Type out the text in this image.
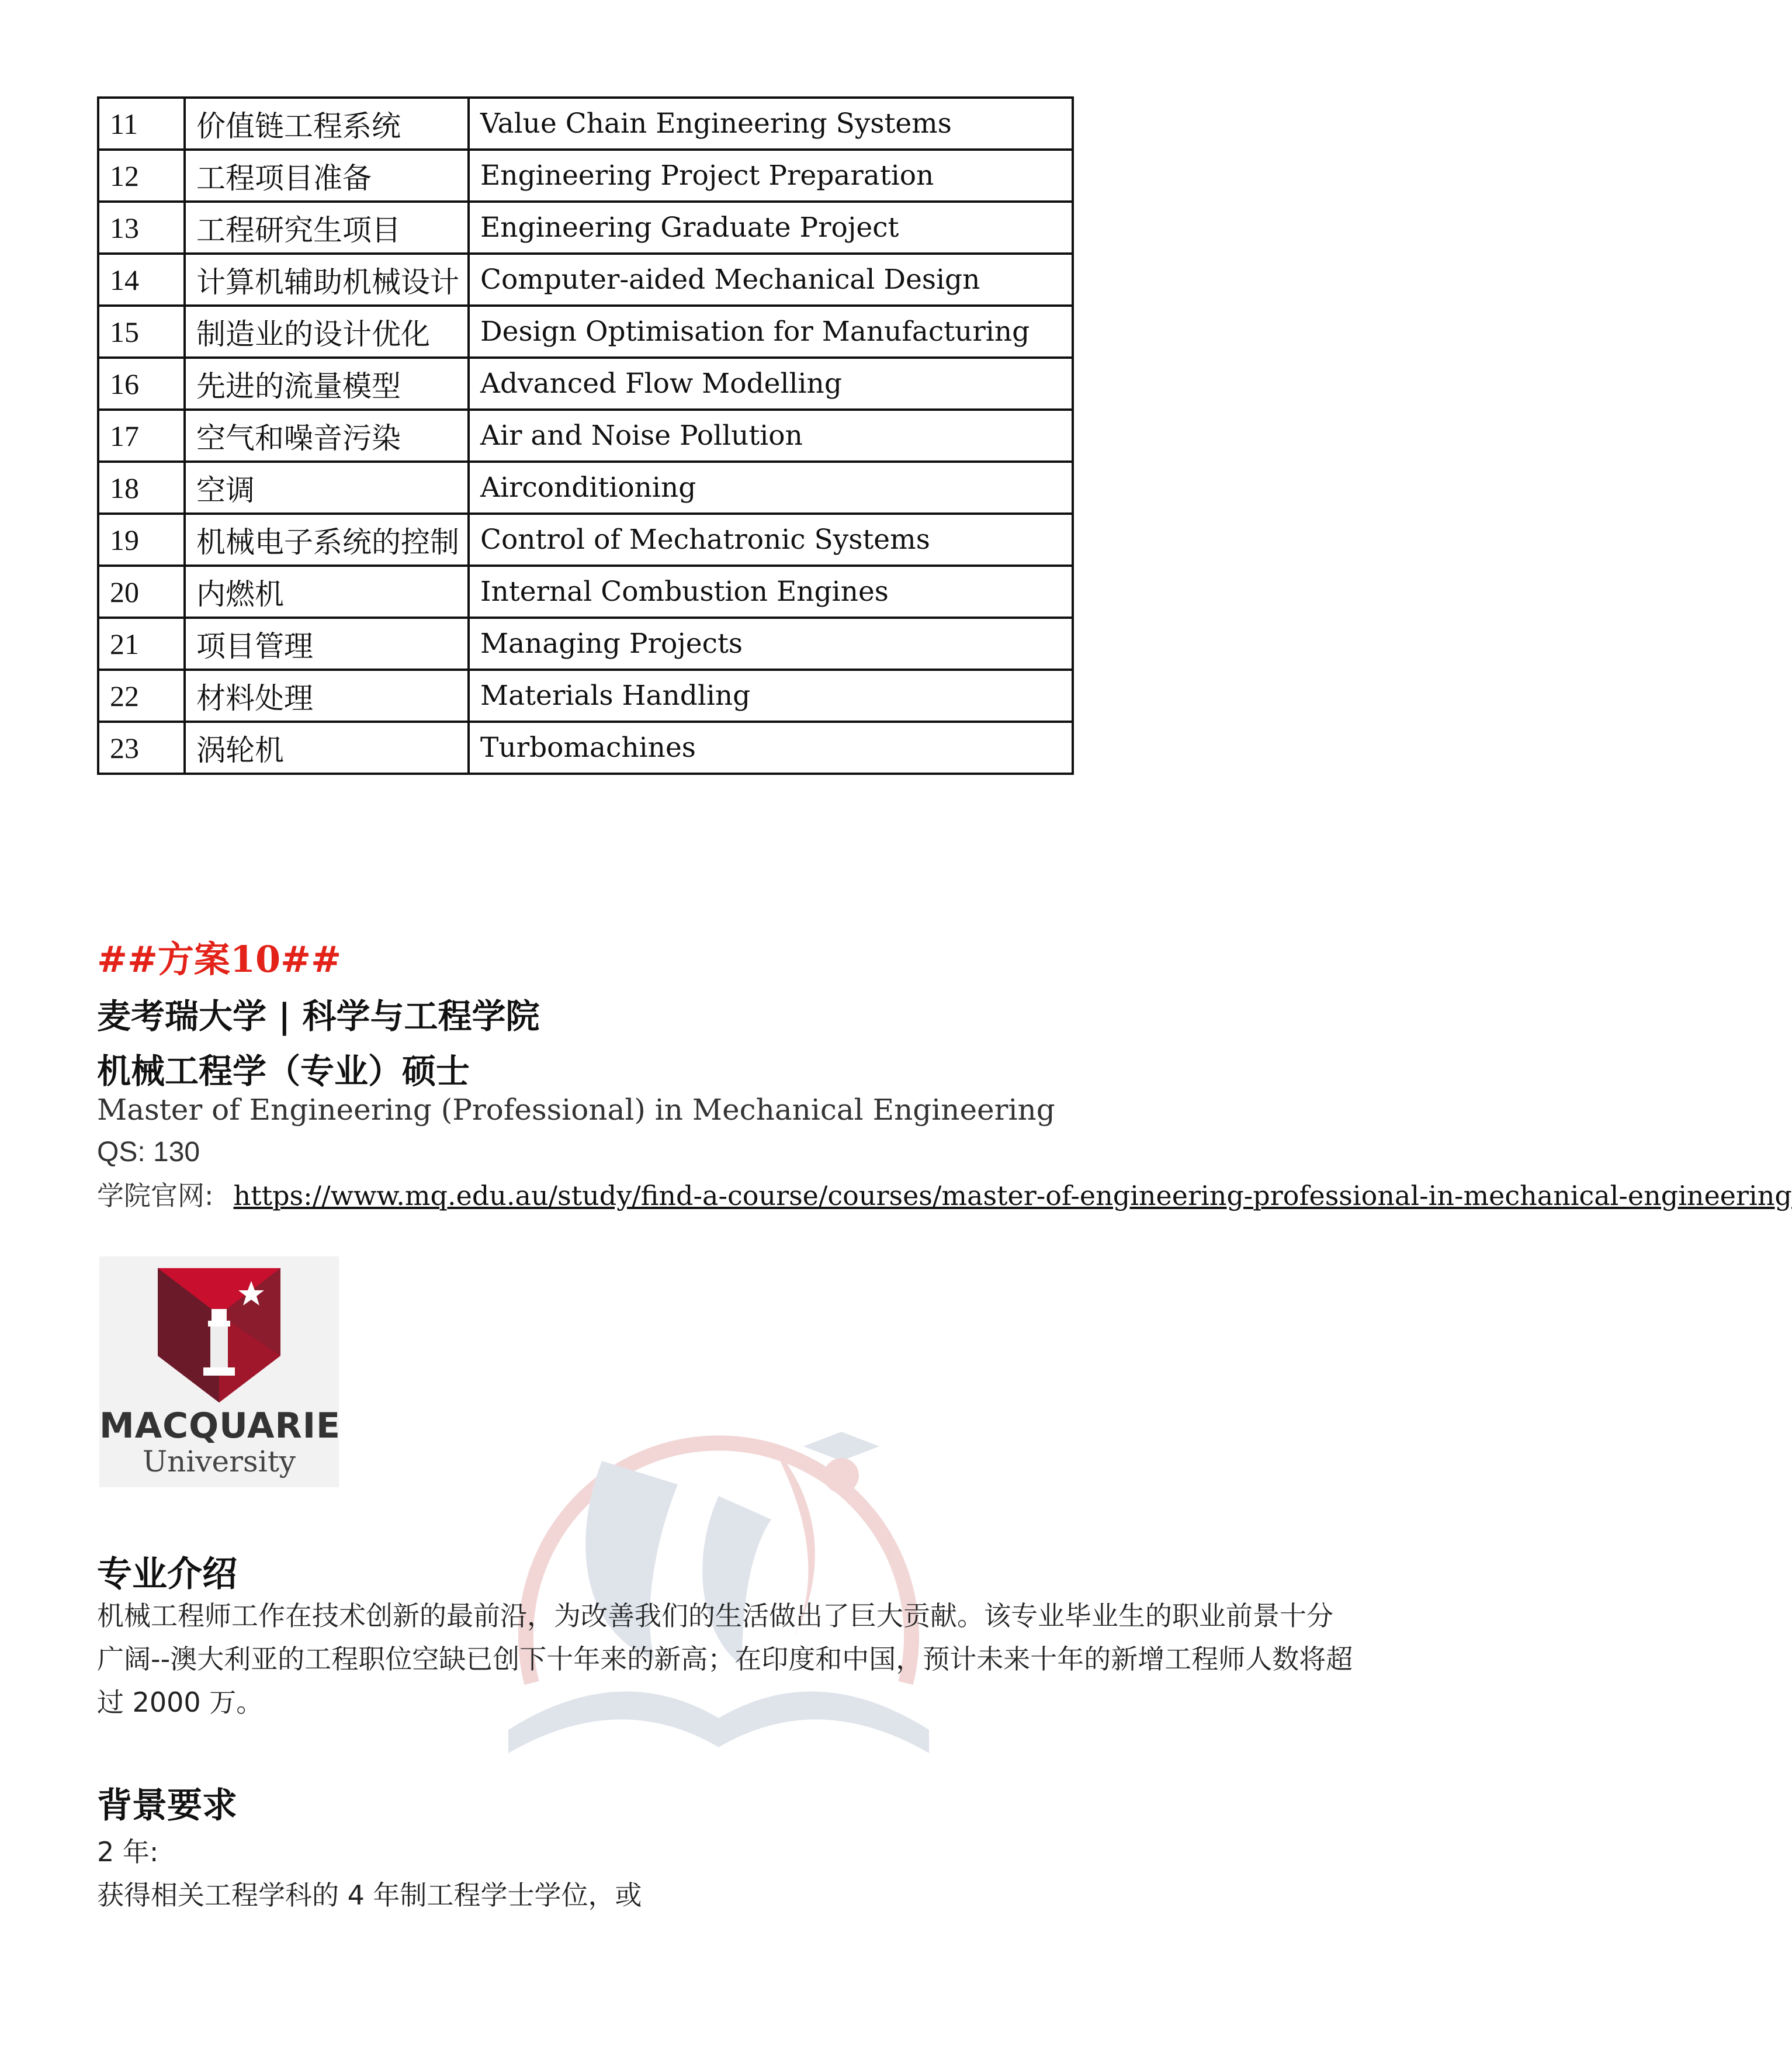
11	价值链工程系统	Value Chain Engineering Systems
12	工程项目准备	Engineering Project Preparation
13	工程研究生项目	Engineering Graduate Project
14	计算机辅助机械设计	Computer-aided Mechanical Design
15	制造业的设计优化	Design Optimisation for Manufacturing
16	先进的流量模型	Advanced Flow Modelling
17	空气和噪音污染	Air and Noise Pollution
18	空调	Airconditioning
19	机械电子系统的控制	Control of Mechatronic Systems
20	内燃机	Internal Combustion Engines
21	项目管理	Managing Projects
22	材料处理	Materials Handling
23	涡轮机	Turbomachines
##方案10##
麦考瑞大学 | 科学与工程学院
机械工程学（专业）硕士
Master of Engineering (Professional) in Mechanical Engineering
QS: 130
学院官网: https://www.mq.edu.au/study/find-a-course/courses/master-of-engineering-professional-in-mechanical-engineering
MACQUARIE
University
专业介绍
机械工程师工作在技术创新的最前沿，为改善我们的生活做出了巨大贡献。该专业毕业生的职业前景十分广阔--澳大利亚的工程职位空缺已创下十年来的新高；在印度和中国，预计未来十年的新增工程师人数将超过 2000 万。
背景要求
2 年:
获得相关工程学科的 4 年制工程学士学位，或
